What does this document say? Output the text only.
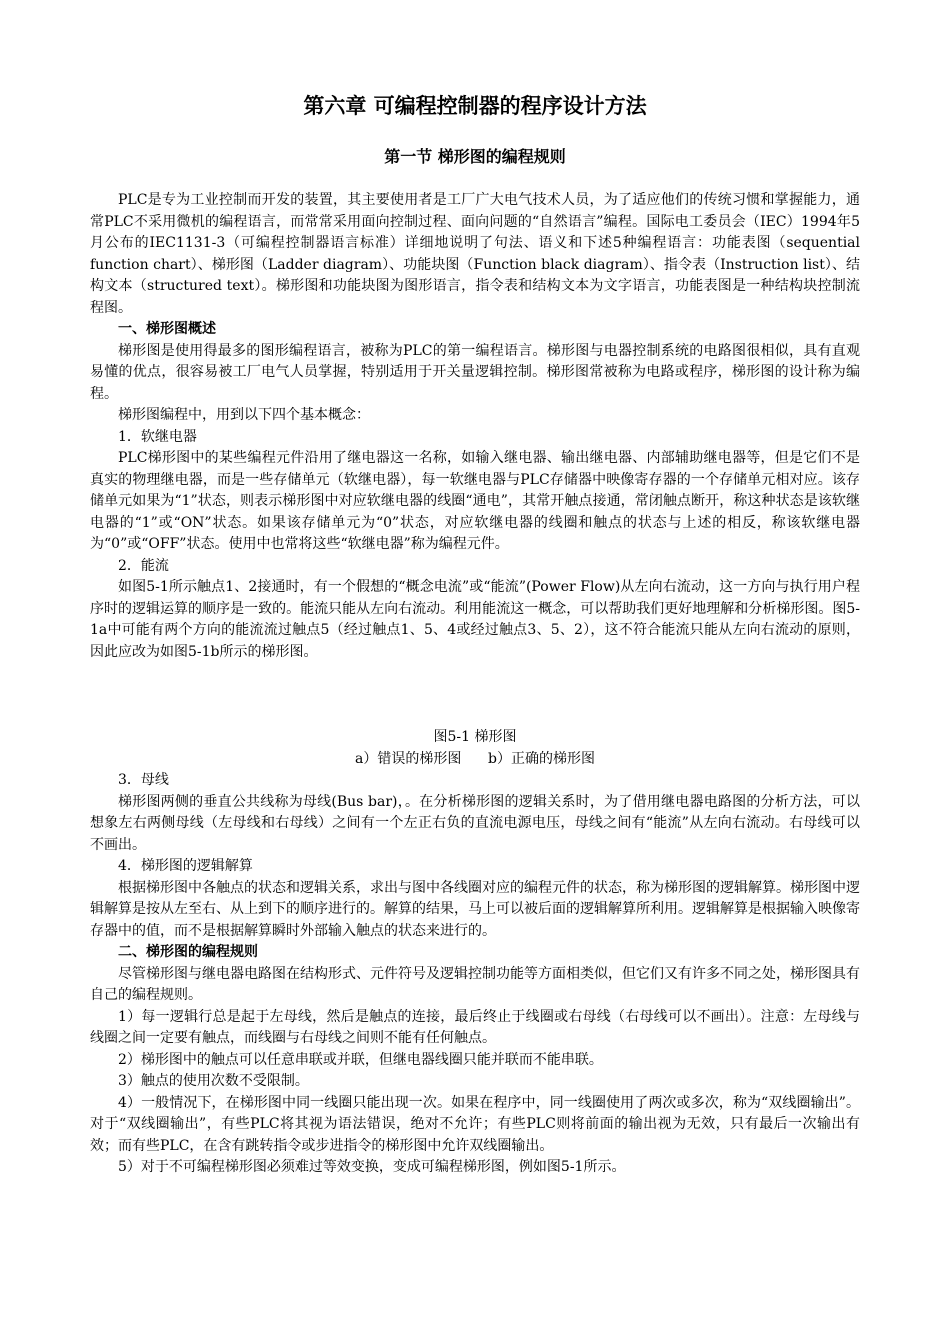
第六章 可编程控制器的程序设计方法
第一节 梯形图的编程规则

PLC是专为工业控制而开发的装置，其主要使用者是工厂广大电气技术人员，为了适应他们的传统习惯和掌握能力，通常PLC不采用微机的编程语言，而常常采用面向控制过程、面向问题的“自然语言”编程。国际电工委员会（IEC）1994年5月公布的IEC1131-3（可编程控制器语言标准）详细地说明了句法、语义和下述5种编程语言：功能表图（sequential function chart）、梯形图（Ladder diagram）、功能块图（Function black diagram）、指令表（Instruction list）、结构文本（structured text）。梯形图和功能块图为图形语言，指令表和结构文本为文字语言，功能表图是一种结构块控制流程图。

一、梯形图概述

梯形图是使用得最多的图形编程语言，被称为PLC的第一编程语言。梯形图与电器控制系统的电路图很相似，具有直观易懂的优点，很容易被工厂电气人员掌握，特别适用于开关量逻辑控制。梯形图常被称为电路或程序，梯形图的设计称为编程。

梯形图编程中，用到以下四个基本概念：

1．软继电器

PLC梯形图中的某些编程元件沿用了继电器这一名称，如输入继电器、输出继电器、内部辅助继电器等，但是它们不是真实的物理继电器，而是一些存储单元（软继电器），每一软继电器与PLC存储器中映像寄存器的一个存储单元相对应。该存储单元如果为“1”状态，则表示梯形图中对应软继电器的线圈“通电”，其常开触点接通，常闭触点断开，称这种状态是该软继电器的“1”或“ON”状态。如果该存储单元为“0”状态，对应软继电器的线圈和触点的状态与上述的相反，称该软继电器为“0”或“OFF”状态。使用中也常将这些“软继电器”称为编程元件。

2．能流

如图5-1所示触点1、2接通时，有一个假想的“概念电流”或“能流”(Power Flow)从左向右流动，这一方向与执行用户程序时的逻辑运算的顺序是一致的。能流只能从左向右流动。利用能流这一概念，可以帮助我们更好地理解和分析梯形图。图5-1a中可能有两个方向的能流流过触点5（经过触点1、5、4或经过触点3、5、2），这不符合能流只能从左向右流动的原则，因此应改为如图5-1b所示的梯形图。

图5-1 梯形图

a）错误的梯形图 b）正确的梯形图

3．母线

梯形图两侧的垂直公共线称为母线(Bus bar)，。在分析梯形图的逻辑关系时，为了借用继电器电路图的分析方法，可以想象左右两侧母线（左母线和右母线）之间有一个左正右负的直流电源电压，母线之间有“能流”从左向右流动。右母线可以不画出。

4．梯形图的逻辑解算

根据梯形图中各触点的状态和逻辑关系，求出与图中各线圈对应的编程元件的状态，称为梯形图的逻辑解算。梯形图中逻辑解算是按从左至右、从上到下的顺序进行的。解算的结果，马上可以被后面的逻辑解算所利用。逻辑解算是根据输入映像寄存器中的值，而不是根据解算瞬时外部输入触点的状态来进行的。

二、梯形图的编程规则

尽管梯形图与继电器电路图在结构形式、元件符号及逻辑控制功能等方面相类似，但它们又有许多不同之处，梯形图具有自己的编程规则。

1）每一逻辑行总是起于左母线，然后是触点的连接，最后终止于线圈或右母线（右母线可以不画出）。注意：左母线与线圈之间一定要有触点，而线圈与右母线之间则不能有任何触点。

2）梯形图中的触点可以任意串联或并联，但继电器线圈只能并联而不能串联。

3）触点的使用次数不受限制。

4）一般情况下，在梯形图中同一线圈只能出现一次。如果在程序中，同一线圈使用了两次或多次，称为“双线圈输出”。对于“双线圈输出”，有些PLC将其视为语法错误，绝对不允许；有些PLC则将前面的输出视为无效，只有最后一次输出有效；而有些PLC，在含有跳转指令或步进指令的梯形图中允许双线圈输出。

5）对于不可编程梯形图必须难过等效变换，变成可编程梯形图，例如图5-1所示。
